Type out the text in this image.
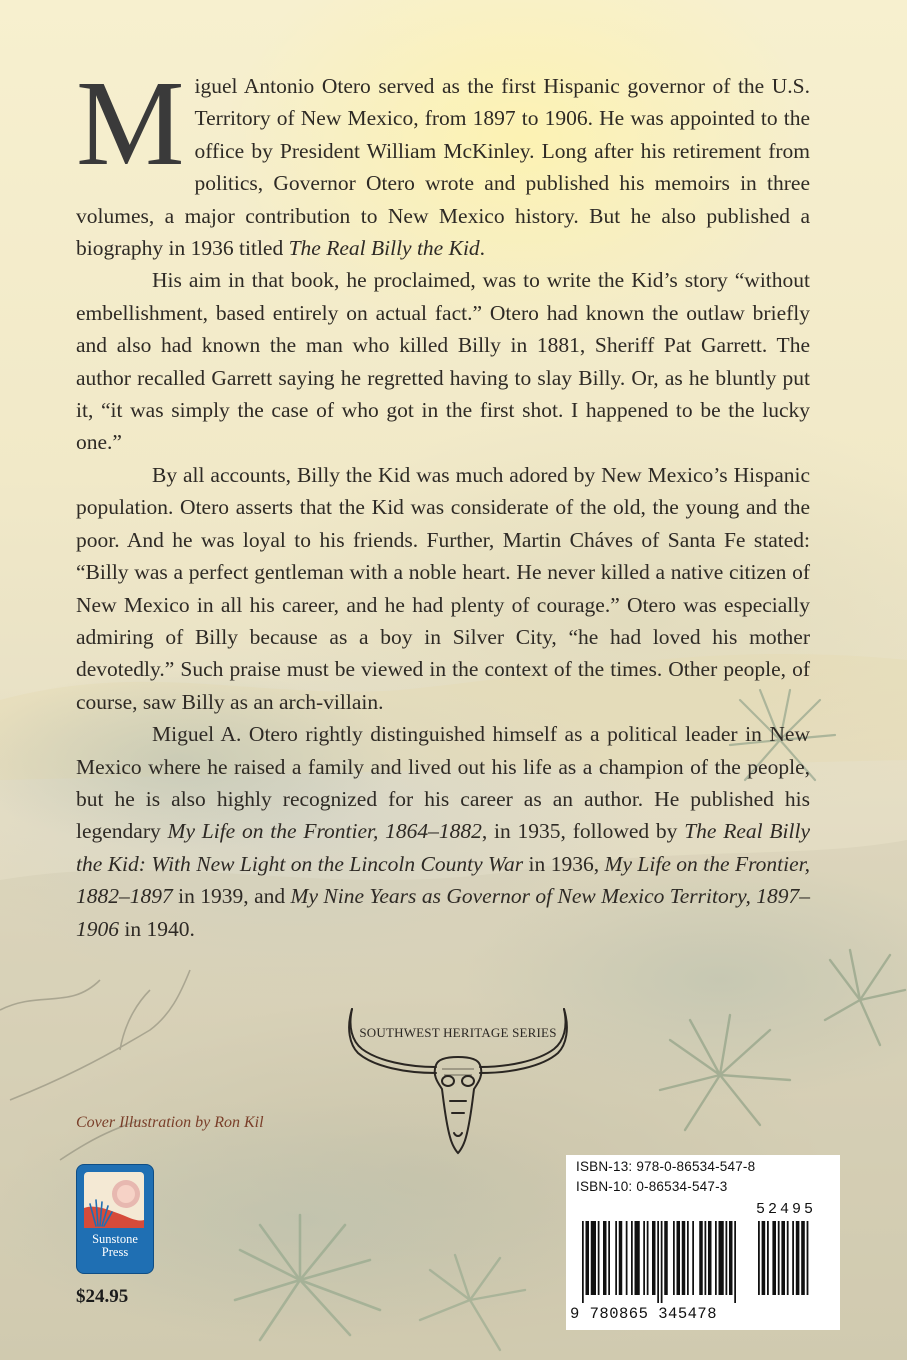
Miguel Antonio Otero served as the first Hispanic governor of the U.S. Territory of New Mexico, from 1897 to 1906. He was appointed to the office by President William McKinley. Long after his retirement from politics, Governor Otero wrote and published his memoirs in three volumes, a major contribution to New Mexico history. But he also published a biography in 1936 titled The Real Billy the Kid.

His aim in that book, he proclaimed, was to write the Kid’s story “without embellishment, based entirely on actual fact.” Otero had known the outlaw briefly and also had known the man who killed Billy in 1881, Sheriff Pat Garrett. The author recalled Garrett saying he regretted having to slay Billy. Or, as he bluntly put it, “it was simply the case of who got in the first shot. I happened to be the lucky one.”

By all accounts, Billy the Kid was much adored by New Mexico’s Hispanic population. Otero asserts that the Kid was considerate of the old, the young and the poor. And he was loyal to his friends. Further, Martin Cháves of Santa Fe stated: “Billy was a perfect gentleman with a noble heart. He never killed a native citizen of New Mexico in all his career, and he had plenty of courage.” Otero was especially admiring of Billy because as a boy in Silver City, “he had loved his mother devotedly.” Such praise must be viewed in the context of the times. Other people, of course, saw Billy as an arch-villain.

Miguel A. Otero rightly distinguished himself as a political leader in New Mexico where he raised a family and lived out his life as a champion of the people, but he is also highly recognized for his career as an author. He published his legendary My Life on the Frontier, 1864–1882, in 1935, followed by The Real Billy the Kid: With New Light on the Lincoln County War in 1936, My Life on the Frontier, 1882–1897 in 1939, and My Nine Years as Governor of New Mexico Territory, 1897–1906 in 1940.

SOUTHWEST HERITAGE SERIES
Cover Illustration by Ron Kil
Sunstone
Press
$24.95
ISBN-13: 978-0-86534-547-8
ISBN-10: 0-86534-547-3
52495
9 780865 345478
